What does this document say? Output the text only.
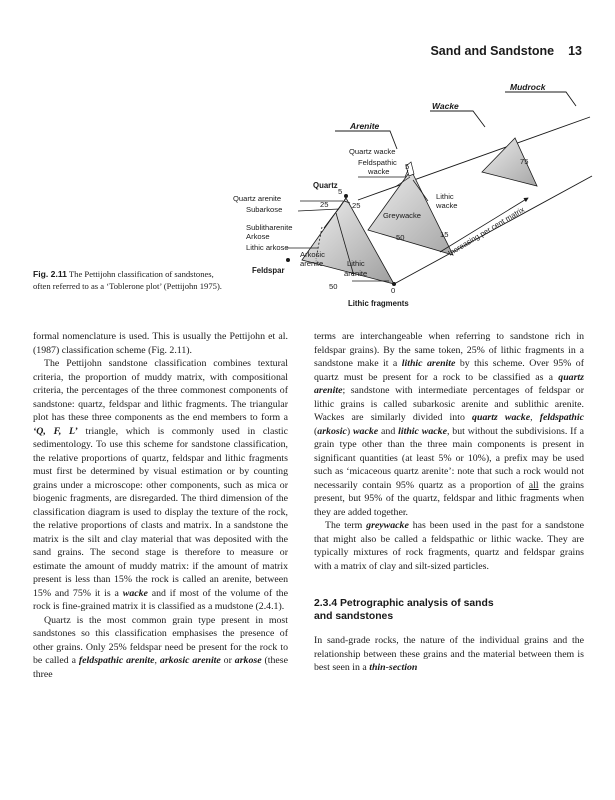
Sand and Sandstone 13
Mudrock
Wacke
Arenite
Quartz wacke
Feldspathic
wacke
5
Quartz
Quartz arenite
5
25	25
Subarkose
Sublitharenite
Arkose
Lithic arkose
Feldspar
Arkosic
arenite	Lithic
arenite
50	0
Lithic fragments
Greywacke
Lithic
wacke
50	15
75
Increasing per cent matrix
Fig. 2.11 The Pettijohn classification of sandstones, often referred to as a ‘Toblerone plot’ (Pettijohn 1975).

formal nomenclature is used. This is usually the Pettijohn et al. (1987) classification scheme (Fig. 2.11).

The Pettijohn sandstone classification combines textural criteria, the proportion of muddy matrix, with compositional criteria, the percentages of the three commonest components of sandstone: quartz, feldspar and lithic fragments. The triangular plot has these three components as the end members to form a ‘Q, F, L’ triangle, which is commonly used in clastic sedimentology. To use this scheme for sandstone classification, the relative proportions of quartz, feldspar and lithic fragments must first be determined by visual estimation or by counting grains under a microscope: other components, such as mica or biogenic fragments, are disregarded. The third dimension of the classification diagram is used to display the texture of the rock, the relative proportions of clasts and matrix. In a sandstone the matrix is the silt and clay material that was deposited with the sand grains. The second stage is therefore to measure or estimate the amount of muddy matrix: if the amount of matrix present is less than 15% the rock is called an arenite, between 15% and 75% it is a wacke and if most of the volume of the rock is fine-grained matrix it is classified as a mudstone (2.4.1).

Quartz is the most common grain type present in most sandstones so this classification emphasises the presence of other grains. Only 25% feldspar need be present for the rock to be called a feldspathic arenite, arkosic arenite or arkose (these three

terms are interchangeable when referring to sandstone rich in feldspar grains). By the same token, 25% of lithic fragments in a sandstone make it a lithic arenite by this scheme. Over 95% of quartz must be present for a rock to be classified as a quartz arenite; sandstone with intermediate percentages of feldspar or lithic grains is called subarkosic arenite and sublithic arenite. Wackes are similarly divided into quartz wacke, feldspathic (arkosic) wacke and lithic wacke, but without the subdivisions. If a grain type other than the three main components is present in significant quantities (at least 5% or 10%), a prefix may be used such as ‘micaceous quartz arenite’: note that such a rock would not necessarily contain 95% quartz as a proportion of all the grains present, but 95% of the quartz, feldspar and lithic fragments when they are added together.

The term greywacke has been used in the past for a sandstone that might also be called a feldspathic or lithic wacke. They are typically mixtures of rock fragments, quartz and feldspar grains with a matrix of clay and silt-sized particles.

2.3.4 Petrographic analysis of sands
and sandstones

In sand-grade rocks, the nature of the individual grains and the relationship between these grains and the material between them is best seen in a thin-section
